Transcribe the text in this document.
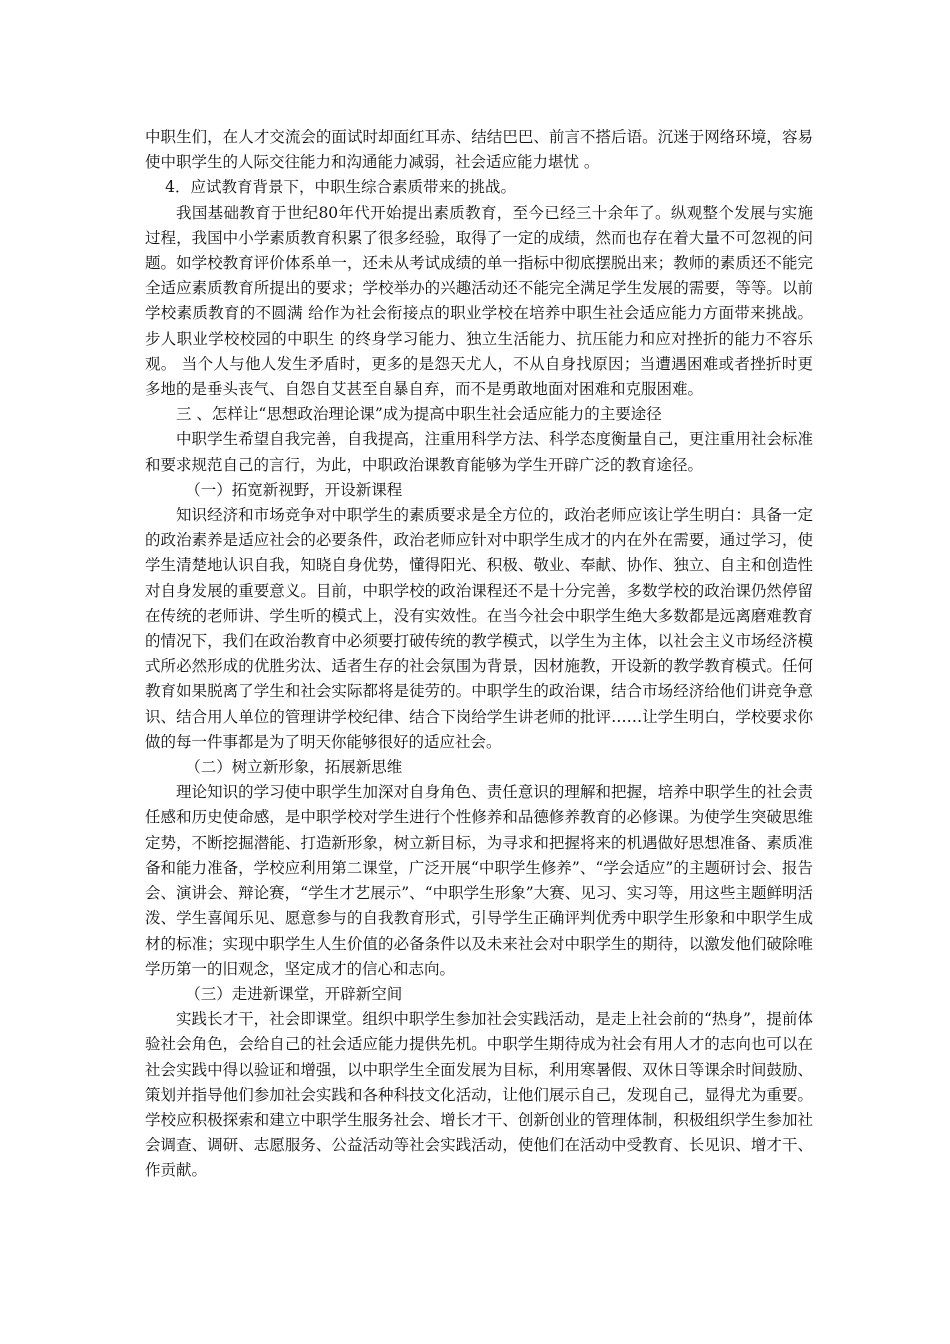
中职生们，在人才交流会的面试时却面红耳赤、结结巴巴、前言不搭后语。沉迷于网络环境，容易使中职学生的人际交往能力和沟通能力减弱，社会适应能力堪忧 。

4．应试教育背景下，中职生综合素质带来的挑战。

我国基础教育于世纪80年代开始提出素质教育，至今已经三十余年了。纵观整个发展与实施过程，我国中小学素质教育积累了很多经验，取得了一定的成绩，然而也存在着大量不可忽视的问题。如学校教育评价体系单一，还未从考试成绩的单一指标中彻底摆脱出来；教师的素质还不能完全适应素质教育所提出的要求；学校举办的兴趣活动还不能完全满足学生发展的需要，等等。以前学校素质教育的不圆满 给作为社会衔接点的职业学校在培养中职生社会适应能力方面带来挑战。步人职业学校校园的中职生 的终身学习能力、独立生活能力、抗压能力和应对挫折的能力不容乐观。 当个人与他人发生矛盾时，更多的是怨天尤人，不从自身找原因；当遭遇困难或者挫折时更多地的是垂头丧气、自怨自艾甚至自暴自弃，而不是勇敢地面对困难和克服困难。

三 、怎样让“思想政治理论课”成为提高中职生社会适应能力的主要途径

中职学生希望自我完善，自我提高，注重用科学方法、科学态度衡量自己，更注重用社会标准和要求规范自己的言行，为此，中职政治课教育能够为学生开辟广泛的教育途径。

（一）拓宽新视野，开设新课程

知识经济和市场竞争对中职学生的素质要求是全方位的，政治老师应该让学生明白：具备一定的政治素养是适应社会的必要条件，政治老师应针对中职学生成才的内在外在需要，通过学习，使学生清楚地认识自我，知晓自身优势，懂得阳光、积极、敬业、奉献、协作、独立、自主和创造性对自身发展的重要意义。目前，中职学校的政治课程还不是十分完善，多数学校的政治课仍然停留在传统的老师讲、学生听的模式上，没有实效性。在当今社会中职学生绝大多数都是远离磨难教育的情况下，我们在政治教育中必须要打破传统的教学模式，以学生为主体，以社会主义市场经济模式所必然形成的优胜劣汰、适者生存的社会氛围为背景，因材施教，开设新的教学教育模式。任何教育如果脱离了学生和社会实际都将是徒劳的。中职学生的政治课，结合市场经济给他们讲竞争意识、结合用人单位的管理讲学校纪律、结合下岗给学生讲老师的批评……让学生明白，学校要求你做的每一件事都是为了明天你能够很好的适应社会。

（二）树立新形象，拓展新思维

理论知识的学习使中职学生加深对自身角色、责任意识的理解和把握，培养中职学生的社会责任感和历史使命感，是中职学校对学生进行个性修养和品德修养教育的必修课。为使学生突破思维定势，不断挖掘潜能、打造新形象，树立新目标，为寻求和把握将来的机遇做好思想准备、素质准备和能力准备，学校应利用第二课堂，广泛开展“中职学生修养”、“学会适应”的主题研讨会、报告会、演讲会、辩论赛，“学生才艺展示”、“中职学生形象”大赛、见习、实习等，用这些主题鲜明活泼、学生喜闻乐见、愿意参与的自我教育形式，引导学生正确评判优秀中职学生形象和中职学生成材的标准；实现中职学生人生价值的必备条件以及未来社会对中职学生的期待，以激发他们破除唯学历第一的旧观念，坚定成才的信心和志向。

（三）走进新课堂，开辟新空间

实践长才干，社会即课堂。组织中职学生参加社会实践活动，是走上社会前的“热身”，提前体验社会角色，会给自己的社会适应能力提供先机。中职学生期待成为社会有用人才的志向也可以在社会实践中得以验证和增强，以中职学生全面发展为目标，利用寒暑假、双休日等课余时间鼓励、策划并指导他们参加社会实践和各种科技文化活动，让他们展示自己，发现自己，显得尤为重要。学校应积极探索和建立中职学生服务社会、增长才干、创新创业的管理体制，积极组织学生参加社会调查、调研、志愿服务、公益活动等社会实践活动，使他们在活动中受教育、长见识、增才干、作贡献。
